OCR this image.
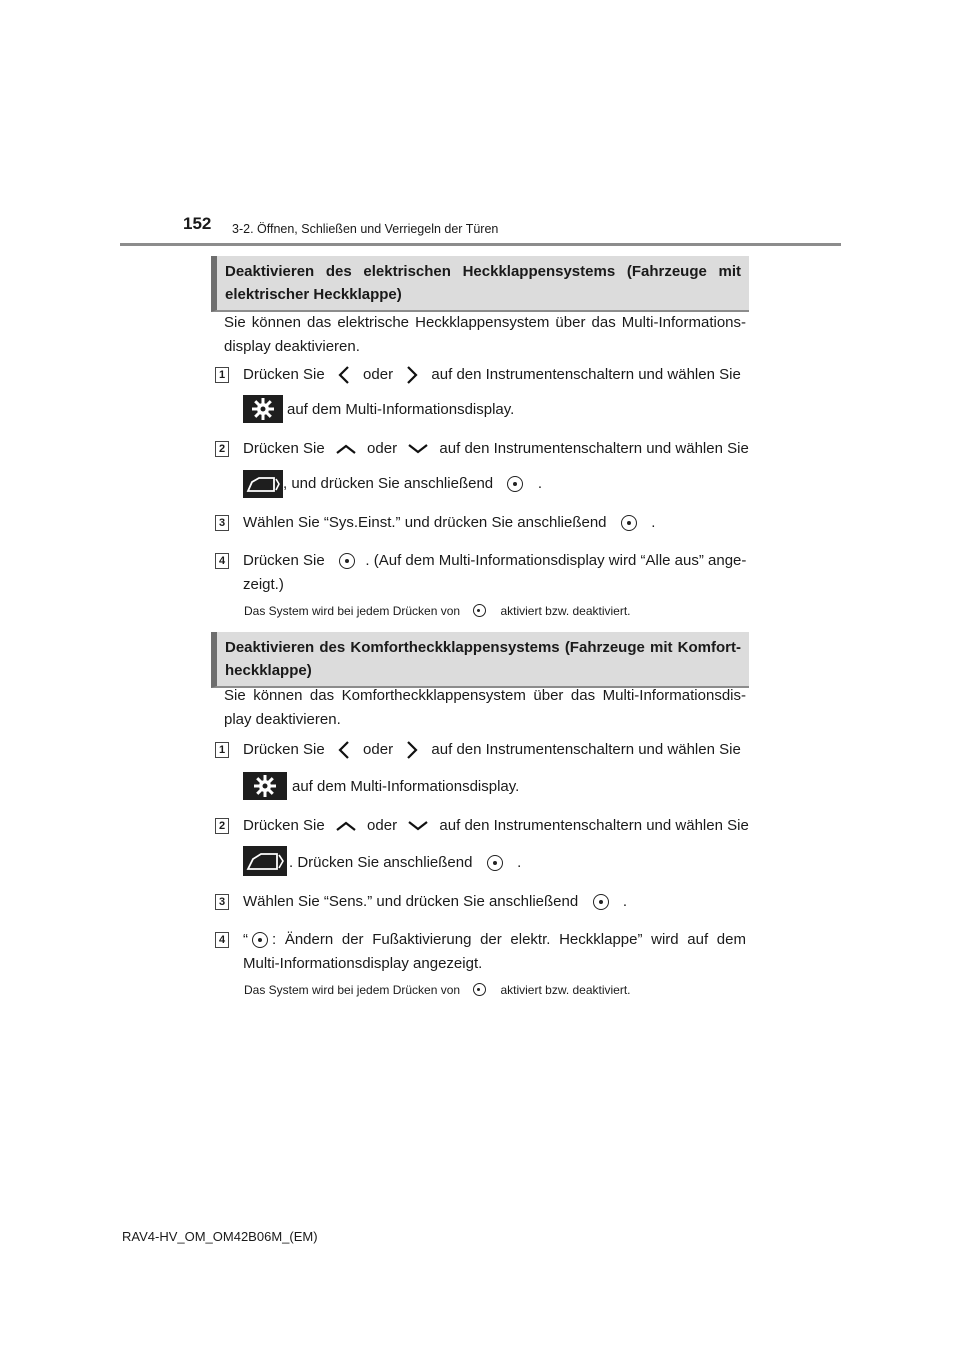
152 3-2. Öffnen, Schließen und Verriegeln der Türen
Deaktivieren des elektrischen Heckklappensystems (Fahrzeuge mit elektrischer Heckklappe)
Sie können das elektrische Heckklappensystem über das Multi-Informationsdisplay deaktivieren.
1 Drücken Sie	oder	auf den Instrumentenschaltern und wählen Sie
auf dem Multi-Informationsdisplay.
2 Drücken Sie	oder	auf den Instrumentenschaltern und wählen Sie
, und drücken Sie anschließend	.
3 Wählen Sie “Sys.Einst.” und drücken Sie anschließend	.
4 Drücken Sie	. (Auf dem Multi-Informationsdisplay wird “Alle aus” ange-
zeigt.)
Das System wird bei jedem Drücken von	aktiviert bzw. deaktiviert.
Deaktivieren des Komfortheckklappensystems (Fahrzeuge mit Komfortheckklappe)
Sie können das Komfortheckklappensystem über das Multi-Informationsdisplay deaktivieren.
1 Drücken Sie	oder	auf den Instrumentenschaltern und wählen Sie
auf dem Multi-Informationsdisplay.
2 Drücken Sie	oder	auf den Instrumentenschaltern und wählen Sie
. Drücken Sie anschließend	.
3 Wählen Sie “Sens.” und drücken Sie anschließend	.
4 “ : Ändern der Fußaktivierung der elektr. Heckklappe” wird auf dem
Multi-Informationsdisplay angezeigt.
Das System wird bei jedem Drücken von	aktiviert bzw. deaktiviert.
RAV4-HV_OM_OM42B06M_(EM)
